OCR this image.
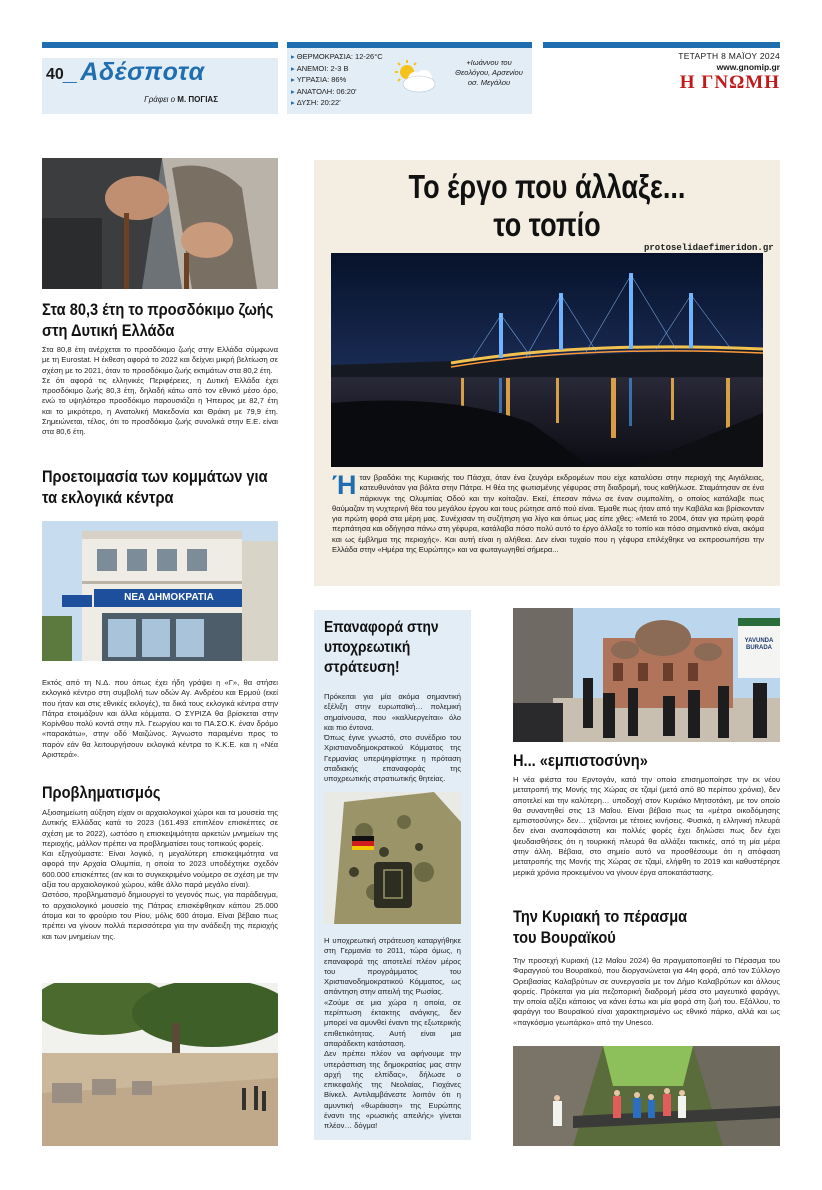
40 _Αδέσποτα
Γράφει ο Μ. ΠΟΓΙΑΣ
▸ ΘΕΡΜΟΚΡΑΣΙΑ: 12-26°C
▸ ΑΝΕΜΟΙ: 2-3 Β
▸ ΥΓΡΑΣΙΑ: 86%
▸ ΑΝΑΤΟΛΗ: 06:20'
▸ ΔΥΣΗ: 20:22'
+Ιωάννου του Θεολόγου, Αρσενίου οσ. Μεγάλου
ΤΕΤΑΡΤΗ 8 ΜΑΪΟΥ 2024
www.gnomip.gr
Η ΓΝΩΜΗ
Στα 80,3 έτη το προσδόκιμο ζωής στη Δυτική Ελλάδα

Στα 80,8 έτη ανέρχεται το προσδόκιμο ζωής στην Ελλάδα σύμφωνα με τη Eurostat. Η έκθεση αφορά το 2022 και δείχνει μικρή βελτίωση σε σχέση με το 2021, όταν το προσδόκιμο ζωής εκτιμάτων στα 80,2 έτη.

Σε ότι αφορά τις ελληνικές Περιφέρειες, η Δυτική Ελλάδα έχει προσδόκιμο ζωής 80,3 έτη, δηλαδή κάτω από τον εθνικό μέσο όρο, ενώ το υψηλότερο προσδόκιμο παρουσιάζει η Ήπειρος με 82,7 έτη και το μικρότερο, η Ανατολική Μακεδονία και Θράκη με 79,9 έτη. Σημειώνεται, τέλος, ότι το προσδόκιμο ζωής συνολικά στην Ε.Ε. είναι στα 80,6 έτη.

Προετοιμασία των κομμάτων για τα εκλογικά κέντρα
ΝΕΑ ΔΗΜΟΚΡΑΤΙΑ

Εκτός από τη Ν.Δ. που όπως έχει ήδη γράψει η «Γ», θα στήσει εκλογικό κέντρο στη συμβολή των οδών Αγ. Ανδρέου και Ερμού (εκεί που ήταν και στις εθνικές εκλογές), τα δικά τους εκλογικά κέντρα στην Πάτρα ετοιμάζουν και άλλα κόμματα. Ο ΣΥΡΙΖΑ θα βρίσκεται στην Κορίνθου πολύ κοντά στην πλ. Γεωργίου και το ΠΑ.ΣΟ.Κ. έναν δρόμο «παρακάτω», στην οδό Μαιζώνος. Άγνωστο παραμένει προς το παρόν εάν θα λειτουργήσουν εκλογικά κέντρα το Κ.Κ.Ε. και η «Νέα Αριστερά».

Προβληματισμός

Αξιοσημείωτη αύξηση είχαν οι αρχαιολογικοί χώροι και τα μουσεία της Δυτικής Ελλάδας κατά το 2023 (161.493 επιπλέον επισκέπτες σε σχέση με το 2022), ωστόσο η επισκεψιμότητα αρκετών μνημείων της περιοχής, μάλλον πρέπει να προβληματίσει τους τοπικούς φορείς.

Και εξηγούμαστε: Είναι λογικό, η μεγαλύτερη επισκεψιμότητα να αφορά την Αρχαία Ολυμπία, η οποία το 2023 υποδέχτηκε σχεδόν 600.000 επισκέπτες (αν και το συγκεκριμένο νούμερο σε σχέση με την αξία του αρχαιολογικού χώρου, κάθε άλλο παρά μεγάλο είναι).

Ωστόσο, προβληματισμό δημιουργεί το γεγονός πως, για παράδειγμα, το αρχαιολογικό μουσείο της Πάτρας επισκέφθηκαν κάπου 25.000 άτομα και το φρούριο του Ρίου, μόλις 600 άτομα. Είναι βέβαιο πως πρέπει να γίνουν πολλά περισσότερα για την ανάδειξη της περιοχής και των μνημείων της.

Το έργο που άλλαξε...
το τοπίο
protoselidaefimeridon.gr
Ήταν βραδάκι της Κυριακής του Πάσχα, όταν ένα ζευγάρι εκδρομέων που είχε καταλύσει στην περιοχή της Αιγιάλειας, κατευθυνόταν για βόλτα στην Πάτρα. Η θέα της φωτισμένης γέφυρας στη διαδρομή, τους καθήλωσε. Σταμάτησαν σε ένα πάρκινγκ της Ολυμπίας Οδού και την κοίταζαν. Εκεί, έπεσαν πάνω σε έναν συμπολίτη, ο οποίος κατάλαβε πως θαύμαζαν τη νυχτερινή θέα του μεγάλου έργου και τους ρώτησε από πού είναι. Έμαθε πως ήταν από την Καβάλα και βρίσκονταν για πρώτη φορά στα μέρη μας. Συνέχισαν τη συζήτηση για λίγο και όπως μας είπε χθες: «Μετά το 2004, όταν για πρώτη φορά περπάτησα και οδήγησα πάνω στη γέφυρα, κατάλαβα πόσο πολύ αυτό το έργο άλλαξε το τοπίο και πόσο σημαντικό είναι, ακόμα και ως έμβλημα της περιοχής». Και αυτή είναι η αλήθεια. Δεν είναι τυχαίο που η γέφυρα επιλέχθηκε να εκπροσωπήσει την Ελλάδα στην «Ημέρα της Ευρώπης» και να φωταγωγηθεί σήμερα...
Επαναφορά στην υποχρεωτική στράτευση!

Πρόκειται για μία ακόμα σημαντική εξέλιξη στην ευρωπαϊκή… πολεμική σημαίνουσα, που «καλλιεργείται» όλο και πιο έντονα.

Όπως έγινε γνωστό, στο συνέδριο του Χριστιανοδημοκρατικού Κόμματος της Γερμανίας υπερψηφίστηκε η πρόταση σταδιακής επαναφοράς της υποχρεωτικής στρατιωτικής θητείας.

Η υποχρεωτική στράτευση καταργήθηκε στη Γερμανία το 2011, τώρα όμως, η επαναφορά της αποτελεί πλέον μέρος του προγράμματος του Χριστιανοδημοκρατικού Κόμματος, ως απάντηση στην απειλή της Ρωσίας.

«Ζούμε σε μια χώρα η οποία, σε περίπτωση έκτακτης ανάγκης, δεν μπορεί να αμυνθεί έναντι της εξωτερικής επιθετικότητας. Αυτή είναι μια απαράδεκτη κατάσταση.

Δεν πρέπει πλέον να αφήνουμε την υπεράσπιση της δημοκρατίας μας στην αρχή της ελπίδας», δήλωσε ο επικεφαλής της Νεολαίας, Γιοχάνες Βίνκελ. Αντιλαμβάνεστε λοιπόν ότι η αμυντική «θωράκιση» της Ευρώπης έναντι της «ρωσικής απειλής» γίνεται πλέον… δόγμα!

YAVUNDA BURADA
Η... «εμπιστοσύνη»

Η νέα φιέστα του Ερντογάν, κατά την οποία επισημοποίησε την εκ νέου μετατροπή της Μονής της Χώρας σε τζαμί (μετά από 80 περίπου χρόνια), δεν αποτελεί και την καλύτερη… υποδοχή στον Κυριάκο Μητσοτάκη, με τον οποίο θα συναντηθεί στις 13 Μαΐου. Είναι βέβαιο πως τα «μέτρα οικοδόμησης εμπιστοσύνης» δεν… χτίζονται με τέτοιες κινήσεις. Φυσικά, η ελληνική πλευρά δεν είναι αναποφάσιστη και πολλές φορές έχει δηλώσει πως δεν έχει ψευδαισθήσεις ότι η τουρκική πλευρά θα αλλάξει τακτικές, από τη μία μέρα στην άλλη. Βέβαια, στο σημείο αυτό να προσθέσουμε ότι η απόφαση μετατροπής της Μονής της Χώρας σε τζαμί, ελήφθη το 2019 και καθυστέρησε μερικά χρόνια προκειμένου να γίνουν έργα αποκατάστασης.

Την Κυριακή το πέρασμα του Βουραϊκού

Την προσεχή Κυριακή (12 Μαΐου 2024) θα πραγματοποιηθεί το Πέρασμα του Φαραγγιού του Βουραϊκού, που διοργανώνεται για 44η φορά, από τον Σύλλογο Ορειβασίας Καλαβρύτων σε συνεργασία με τον Δήμο Καλαβρύτων και άλλους φορείς. Πρόκειται για μία πεζοπορική διαδρομή μέσα στο μαγευτικό φαράγγι, την οποία αξίζει κάποιος να κάνει έστω και μία φορά στη ζωή του. Εξάλλου, το φαράγγι του Βουραϊκού είναι χαρακτηρισμένο ως εθνικό πάρκο, αλλά και ως «παγκόσμιο γεωπάρκο» από την Unesco.
